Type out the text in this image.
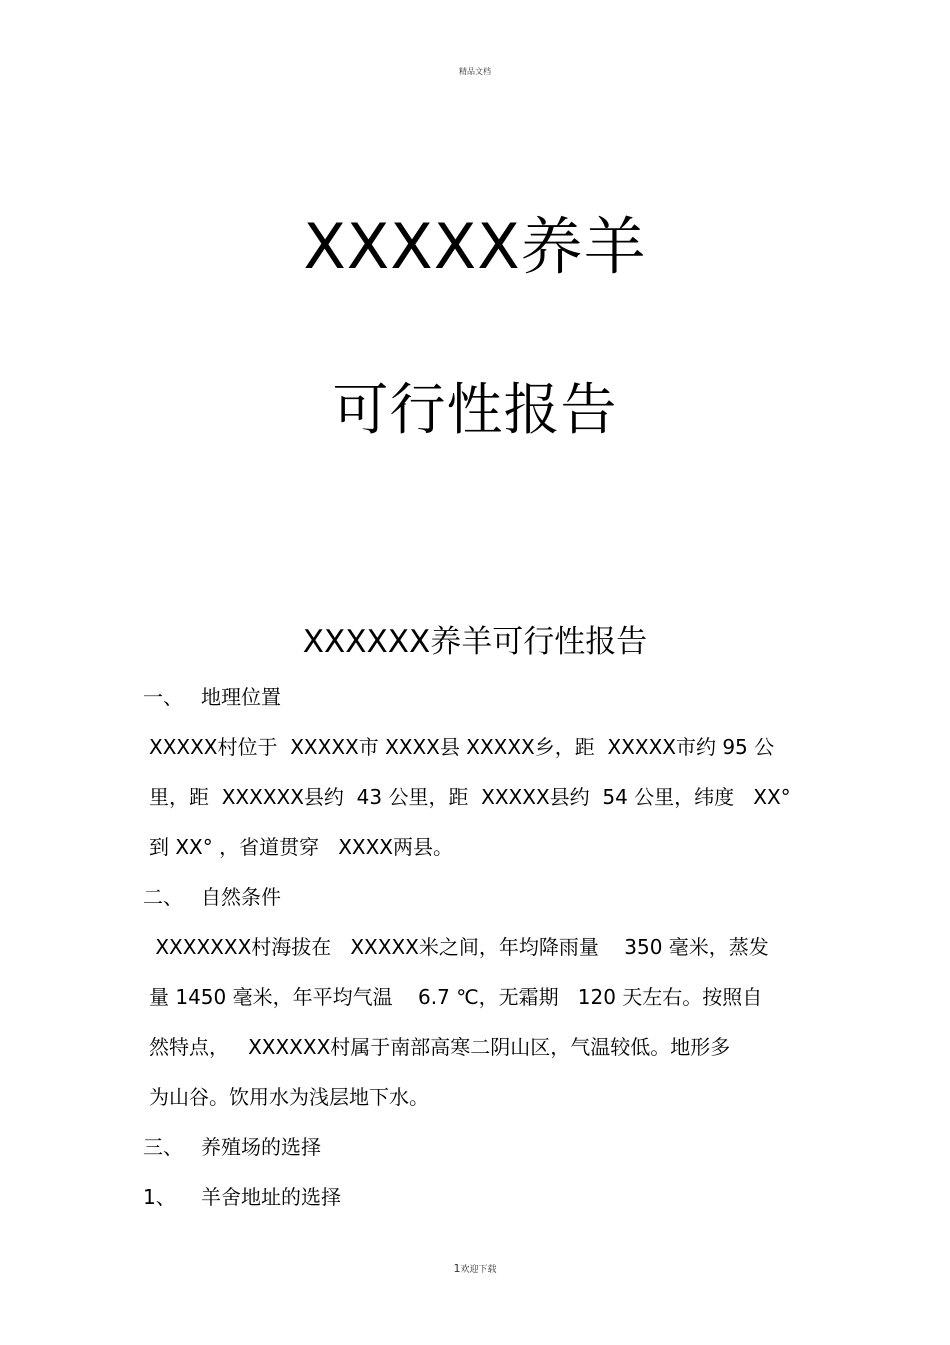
精品文档
XXXXX养羊
可行性报告
XXXXXX养羊可行性报告

一、 地理位置

XXXXX村位于  XXXXX市 XXXX县 XXXXX乡，距  XXXXX市约 95 公

里，距  XXXXXX县约  43 公里，距  XXXXX县约  54 公里，纬度   XX°

到 XX° ，省道贯穿   XXXX两县。

二、 自然条件

XXXXXXX村海拔在   XXXXX米之间，年均降雨量    350 毫米，蒸发

量 1450 毫米，年平均气温    6.7 ℃，无霜期   120 天左右。按照自

然特点，   XXXXXX村属于南部高寒二阴山区，气温较低。地形多

为山谷。饮用水为浅层地下水。

三、 养殖场的选择

1、 羊舍地址的选择

1欢迎下载
